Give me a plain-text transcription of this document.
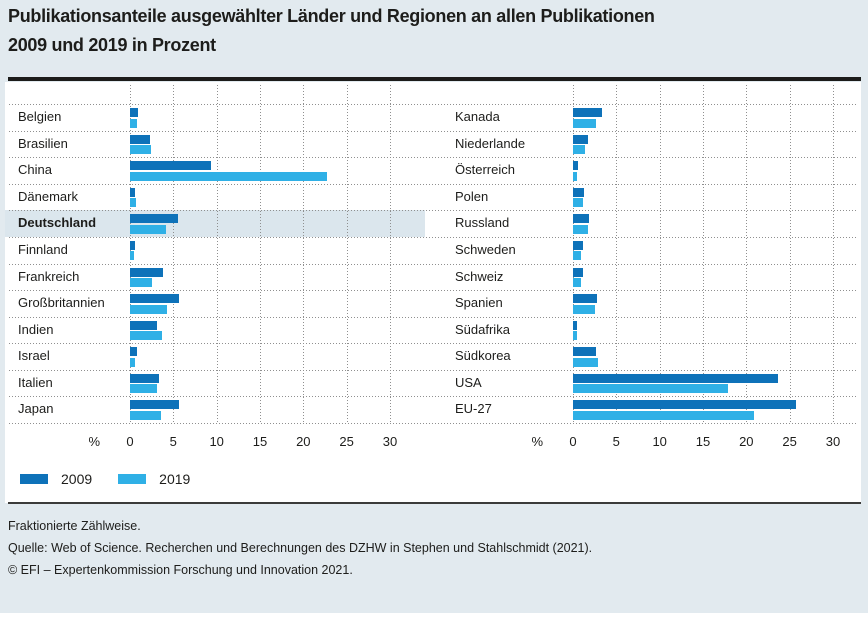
Publikationsanteile ausgewählter Länder und Regionen an allen Publikationen
2009 und 2019 in Prozent
2009	2019
Belgien
Brasilien
China
Dänemark
Deutschland
Finnland
Frankreich
Großbritannien
Indien
Israel
Italien
Japan
%	0	5	10	15	20	25	30
Kanada
Niederlande
Österreich
Polen
Russland
Schweden
Schweiz
Spanien
Südafrika
Südkorea
USA
EU-27
%	0	5	10	15	20	25	30
Fraktionierte Zählweise.
Quelle: Web of Science. Recherchen und Berechnungen des DZHW in Stephen und Stahlschmidt (2021).
© EFI – Expertenkommission Forschung und Innovation 2021.
